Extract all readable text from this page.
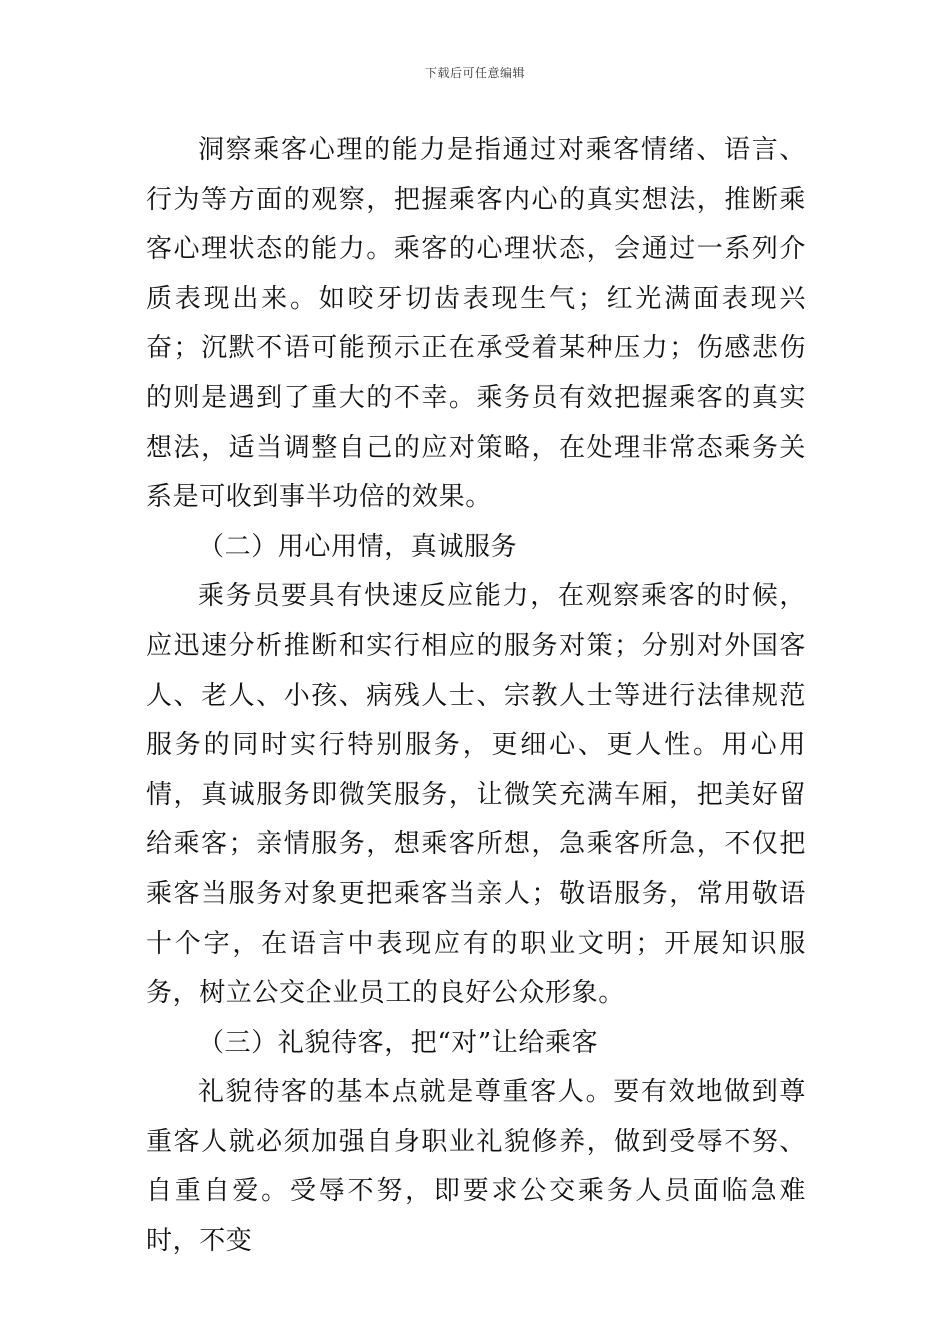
下载后可任意编辑

洞察乘客心理的能力是指通过对乘客情绪、语言、行为等方面的观察，把握乘客内心的真实想法，推断乘客心理状态的能力。乘客的心理状态，会通过一系列介质表现出来。如咬牙切齿表现生气；红光满面表现兴奋；沉默不语可能预示正在承受着某种压力；伤感悲伤的则是遇到了重大的不幸。乘务员有效把握乘客的真实想法，适当调整自己的应对策略，在处理非常态乘务关系是可收到事半功倍的效果。

（二）用心用情，真诚服务

乘务员要具有快速反应能力，在观察乘客的时候，应迅速分析推断和实行相应的服务对策；分别对外国客人、老人、小孩、病残人士、宗教人士等进行法律规范服务的同时实行特别服务，更细心、更人性。用心用情，真诚服务即微笑服务，让微笑充满车厢，把美好留给乘客；亲情服务，想乘客所想，急乘客所急，不仅把乘客当服务对象更把乘客当亲人；敬语服务，常用敬语十个字，在语言中表现应有的职业文明；开展知识服务，树立公交企业员工的良好公众形象。

（三）礼貌待客，把“对”让给乘客

礼貌待客的基本点就是尊重客人。要有效地做到尊重客人就必须加强自身职业礼貌修养，做到受辱不努、自重自爱。受辱不努，即要求公交乘务人员面临急难时，不变
